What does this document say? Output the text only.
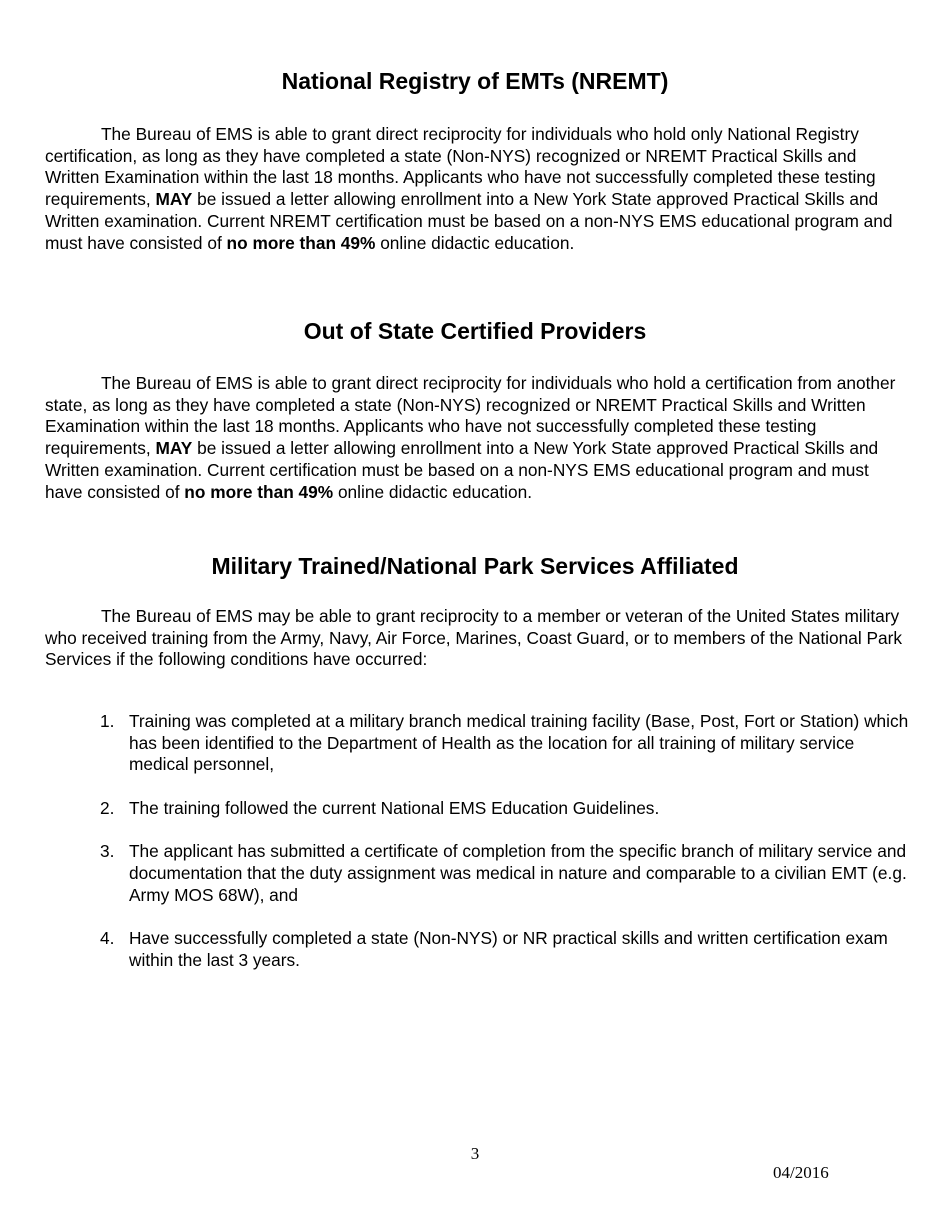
National Registry of EMTs (NREMT)

The Bureau of EMS is able to grant direct reciprocity for individuals who hold only National Registry certification, as long as they have completed a state (Non-NYS) recognized or NREMT Practical Skills and Written Examination within the last 18 months. Applicants who have not successfully completed these testing requirements, MAY be issued a letter allowing enrollment into a New York State approved Practical Skills and Written examination. Current NREMT certification must be based on a non-NYS EMS educational program and must have consisted of no more than 49% online didactic education.

Out of State Certified Providers

The Bureau of EMS is able to grant direct reciprocity for individuals who hold a certification from another state, as long as they have completed a state (Non-NYS) recognized or NREMT Practical Skills and Written Examination within the last 18 months. Applicants who have not successfully completed these testing requirements, MAY be issued a letter allowing enrollment into a New York State approved Practical Skills and Written examination. Current certification must be based on a non-NYS EMS educational program and must have consisted of no more than 49% online didactic education.

Military Trained/National Park Services Affiliated

The Bureau of EMS may be able to grant reciprocity to a member or veteran of the United States military who received training from the Army, Navy, Air Force, Marines, Coast Guard, or to members of the National Park Services if the following conditions have occurred:

1. Training was completed at a military branch medical training facility (Base, Post, Fort or Station) which has been identified to the Department of Health as the location for all training of military service medical personnel,
2. The training followed the current National EMS Education Guidelines.
3. The applicant has submitted a certificate of completion from the specific branch of military service and documentation that the duty assignment was medical in nature and comparable to a civilian EMT (e.g. Army MOS 68W), and
4. Have successfully completed a state (Non-NYS) or NR practical skills and written certification exam within the last 3 years.
3
04/2016
